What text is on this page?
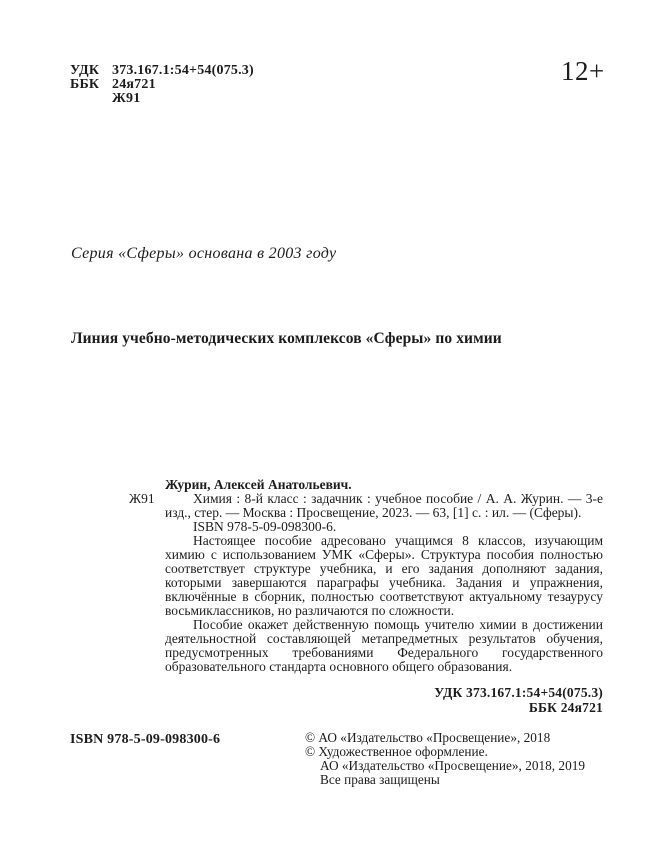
УДК 373.167.1:54+54(075.3)
ББК 24я721
Ж91
12+
Серия «Сферы» основана в 2003 году
Линия учебно-методических комплексов «Сферы» по химии
Ж91

Журин, Алексей Анатольевич.

Химия : 8-й класс : задачник : учебное пособие / А. А. Журин. — 3-е изд., стер. — Москва : Просвещение, 2023. — 63, [1] с. : ил. — (Сферы).

ISBN 978-5-09-098300-6.

Настоящее пособие адресовано учащимся 8 классов, изучающим химию с использованием УМК «Сферы». Структура пособия полностью соответствует структуре учебника, и его задания дополняют задания, которыми завершаются параграфы учебника. Задания и упражнения, включённые в сборник, полностью соответствуют актуальному тезаурусу восьмиклассников, но различаются по сложности.

Пособие окажет действенную помощь учителю химии в достижении деятельностной составляющей метапредметных результатов обучения, предусмотренных требованиями Федерального государственного образовательного стандарта основного общего образования.

УДК 373.167.1:54+54(075.3)
ББК 24я721
ISBN 978-5-09-098300-6	© АО «Издательство «Просвещение», 2018
© Художественное оформление.
АО «Издательство «Просвещение», 2018, 2019
Все права защищены
